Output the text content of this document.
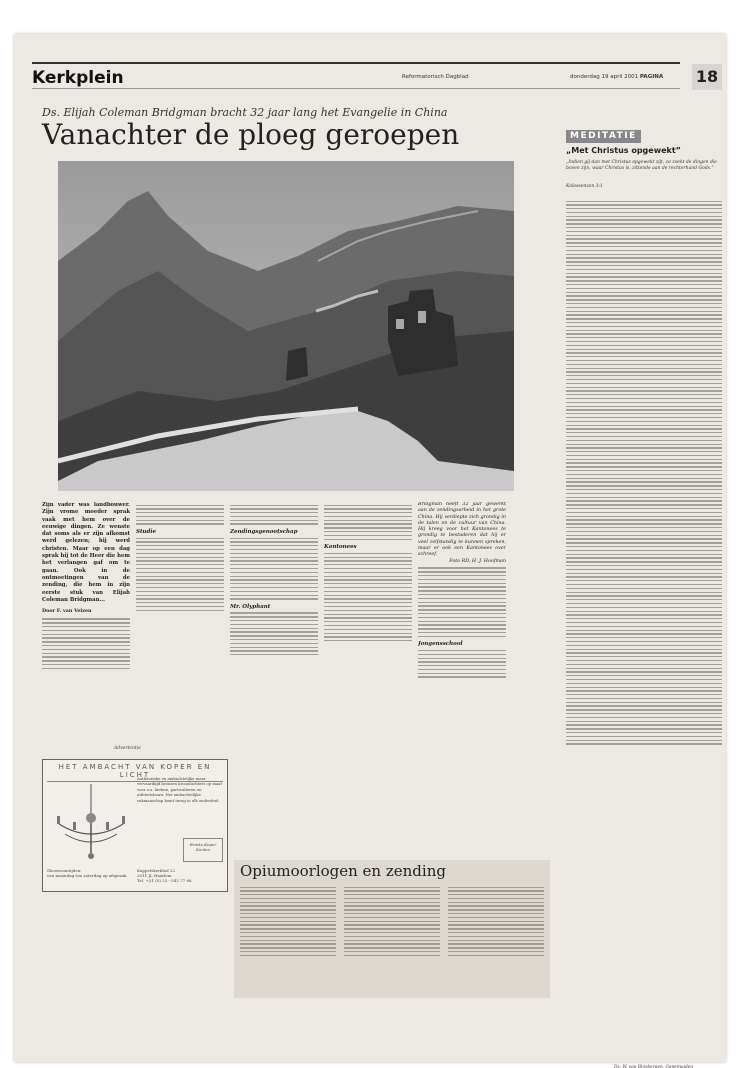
Kerkplein	Reformatorisch Dagblad	donderdag 19 april 2001 PAGINA 18
Ds. Elijah Coleman Bridgman bracht 32 jaar lang het Evangelie in China
Vanachter de ploeg geroepen
Zijn vader was landbouwer. Zijn vrome moeder sprak vaak met hem over de eeuwige dingen. Ze wenste dat soms als er zijn afkomst werd gelezen; hij werd christen. Maar op een dag sprak hij tot de Heer die hem het verlangen gaf om te gaan. Ook in de ontmoetingen van de zending, die hem in zijn eerste stuk van Elijah Coleman Bridgman...
Door F. van Velzen
Studie	Zendingsgenootschap
Mr. Olyphant
Kantonees
Bridgman heeft 32 jaar gewerkt aan de zendingsarbeid in het grote China. Hij verdiepte zich grondig in de talen en de cultuur van China. Hij kreeg voor het Kantonees te grondig te bestuderen dat hij er veel zelfstandig te kunnen spreken, maar er ook een Kantonees over schreef.
Foto RD, H. J. Hoofman
Jongensschool
Advertentie
HET AMBACHT VAN KOPER EN LICHT
Authentieke en ambachtelijke maar vervaardigd bronzen kroonluchters op maat voor o.a. kerken, particulieren en utiliteitsbouw. Het ambachtelijke vakmanschap komt terug in elk onderdeel.
Brinks Koper Koolen
Showroomtijden:
van maandag t/m zaterdag op afspraak
Kappelskerkhof 22
2011 JL Haarlem
Tel. +31 (0) 23 - 542 77 66
Opiumoorlogen en zending
MEDITATIE
„Met Christus opgewekt”
„Indien gij dan met Christus opgewekt zijt, zo zoekt de dingen die boven zijn, waar Christus is, zittende aan de rechterhand Gods.”
Kolossenzen 3:1
Ds. W. van Binsbergen, Genemuiden
